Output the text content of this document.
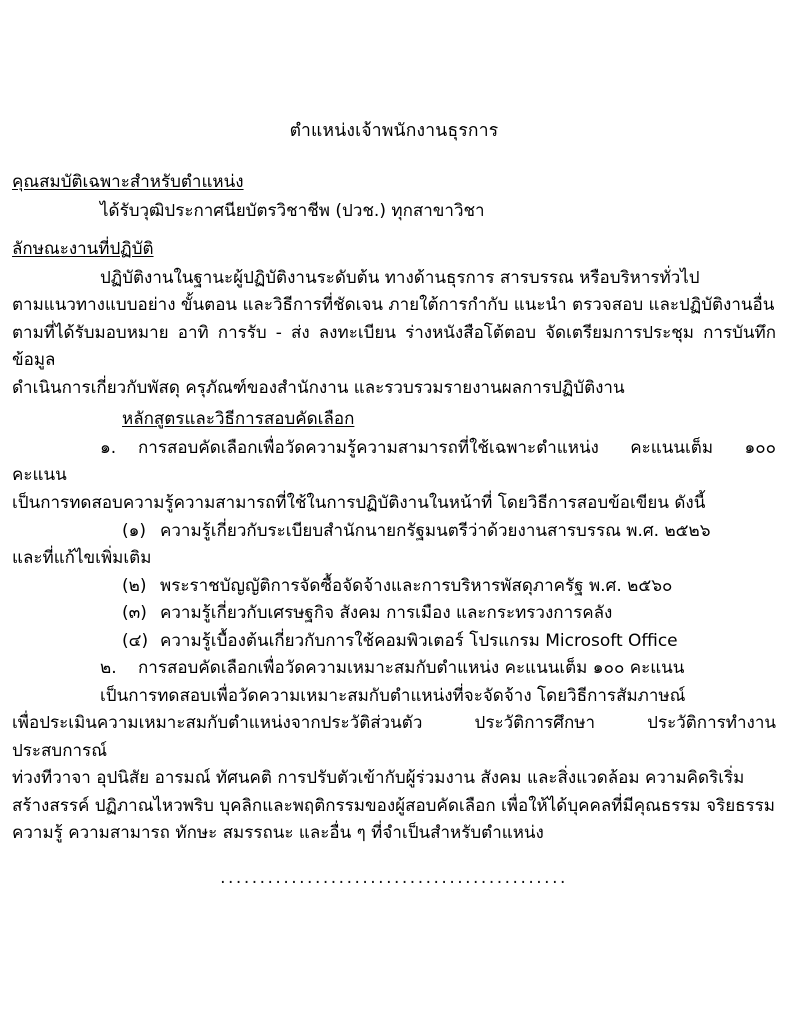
ตำแหน่งเจ้าพนักงานธุรการ
คุณสมบัติเฉพาะสำหรับตำแหน่ง

ได้รับวุฒิประกาศนียบัตรวิชาชีพ (ปวช.) ทุกสาขาวิชา

ลักษณะงานที่ปฏิบัติ

ปฏิบัติงานในฐานะผู้ปฏิบัติงานระดับต้น ทางด้านธุรการ สารบรรณ หรือบริหารทั่วไป

ตามแนวทางแบบอย่าง ขั้นตอน และวิธีการที่ชัดเจน ภายใต้การกำกับ แนะนำ ตรวจสอบ และปฏิบัติงานอื่น

ตามที่ได้รับมอบหมาย อาทิ การรับ - ส่ง ลงทะเบียน ร่างหนังสือโต้ตอบ จัดเตรียมการประชุม การบันทึกข้อมูล

ดำเนินการเกี่ยวกับพัสดุ ครุภัณฑ์ของสำนักงาน และรวบรวมรายงานผลการปฏิบัติงาน

หลักสูตรและวิธีการสอบคัดเลือก

๑. การสอบคัดเลือกเพื่อวัดความรู้ความสามารถที่ใช้เฉพาะตำแหน่ง คะแนนเต็ม ๑๐๐ คะแนน

เป็นการทดสอบความรู้ความสามารถที่ใช้ในการปฏิบัติงานในหน้าที่ โดยวิธีการสอบข้อเขียน ดังนี้

(๑) ความรู้เกี่ยวกับระเบียบสำนักนายกรัฐมนตรีว่าด้วยงานสารบรรณ พ.ศ. ๒๕๒๖

และที่แก้ไขเพิ่มเติม

(๒) พระราชบัญญัติการจัดซื้อจัดจ้างและการบริหารพัสดุภาครัฐ พ.ศ. ๒๕๖๐

(๓) ความรู้เกี่ยวกับเศรษฐกิจ สังคม การเมือง และกระทรวงการคลัง

(๔) ความรู้เบื้องต้นเกี่ยวกับการใช้คอมพิวเตอร์ โปรแกรม Microsoft Office

๒. การสอบคัดเลือกเพื่อวัดความเหมาะสมกับตำแหน่ง คะแนนเต็ม ๑๐๐ คะแนน

เป็นการทดสอบเพื่อวัดความเหมาะสมกับตำแหน่งที่จะจัดจ้าง โดยวิธีการสัมภาษณ์

เพื่อประเมินความเหมาะสมกับตำแหน่งจากประวัติส่วนตัว ประวัติการศึกษา ประวัติการทำงาน ประสบการณ์

ท่วงทีวาจา อุปนิสัย อารมณ์ ทัศนคติ การปรับตัวเข้ากับผู้ร่วมงาน สังคม และสิ่งแวดล้อม ความคิดริเริ่ม

สร้างสรรค์ ปฏิภาณไหวพริบ บุคลิกและพฤติกรรมของผู้สอบคัดเลือก เพื่อให้ได้บุคคลที่มีคุณธรรม จริยธรรม

ความรู้ ความสามารถ ทักษะ สมรรถนะ และอื่น ๆ ที่จำเป็นสำหรับตำแหน่ง

............................................
